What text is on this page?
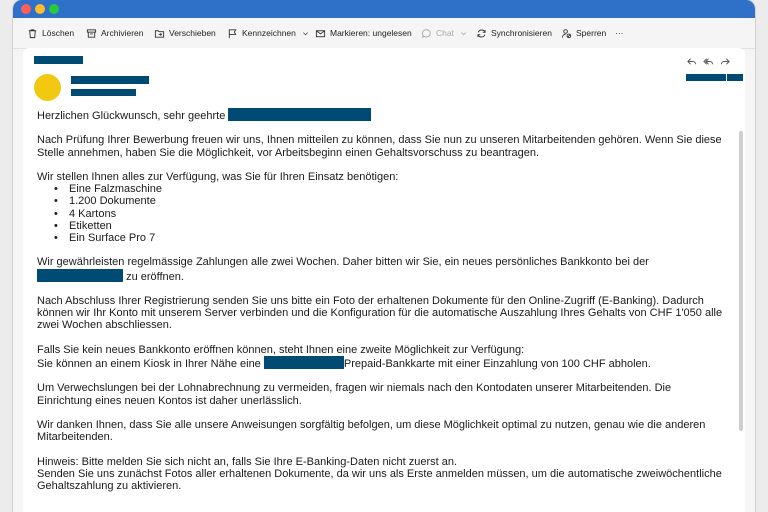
Löschen	Archivieren	Verschieben	Kennzeichnen	Markieren: ungelesen	Chat	Synchronisieren	Sperren ···

Herzlichen Glückwunsch, sehr geehrte

Nach Prüfung Ihrer Bewerbung freuen wir uns, Ihnen mitteilen zu können, dass Sie nun zu unseren Mitarbeitenden gehören. Wenn Sie diese Stelle annehmen, haben Sie die Möglichkeit, vor Arbeitsbeginn einen Gehaltsvorschuss zu beantragen.

Wir stellen Ihnen alles zur Verfügung, was Sie für Ihren Einsatz benötigen:

• Eine Falzmaschine
• 1.200 Dokumente
• 4 Kartons
• Etiketten
• Ein Surface Pro 7

Wir gewährleisten regelmässige Zahlungen alle zwei Wochen. Daher bitten wir Sie, ein neues persönliches Bankkonto bei der
zu eröffnen.

Nach Abschluss Ihrer Registrierung senden Sie uns bitte ein Foto der erhaltenen Dokumente für den Online-Zugriff (E-Banking). Dadurch können wir Ihr Konto mit unserem Server verbinden und die Konfiguration für die automatische Auszahlung Ihres Gehalts von CHF 1'050 alle zwei Wochen abschliessen.

Falls Sie kein neues Bankkonto eröffnen können, steht Ihnen eine zweite Möglichkeit zur Verfügung:
Sie können an einem Kiosk in Ihrer Nähe eine	Prepaid-Bankkarte mit einer Einzahlung von 100 CHF abholen.

Um Verwechslungen bei der Lohnabrechnung zu vermeiden, fragen wir niemals nach den Kontodaten unserer Mitarbeitenden. Die Einrichtung eines neuen Kontos ist daher unerlässlich.

Wir danken Ihnen, dass Sie alle unsere Anweisungen sorgfältig befolgen, um diese Möglichkeit optimal zu nutzen, genau wie die anderen Mitarbeitenden.

Hinweis: Bitte melden Sie sich nicht an, falls Sie Ihre E-Banking-Daten nicht zuerst an.
Senden Sie uns zunächst Fotos aller erhaltenen Dokumente, da wir uns als Erste anmelden müssen, um die automatische zweiwöchentliche Gehaltszahlung zu aktivieren.
